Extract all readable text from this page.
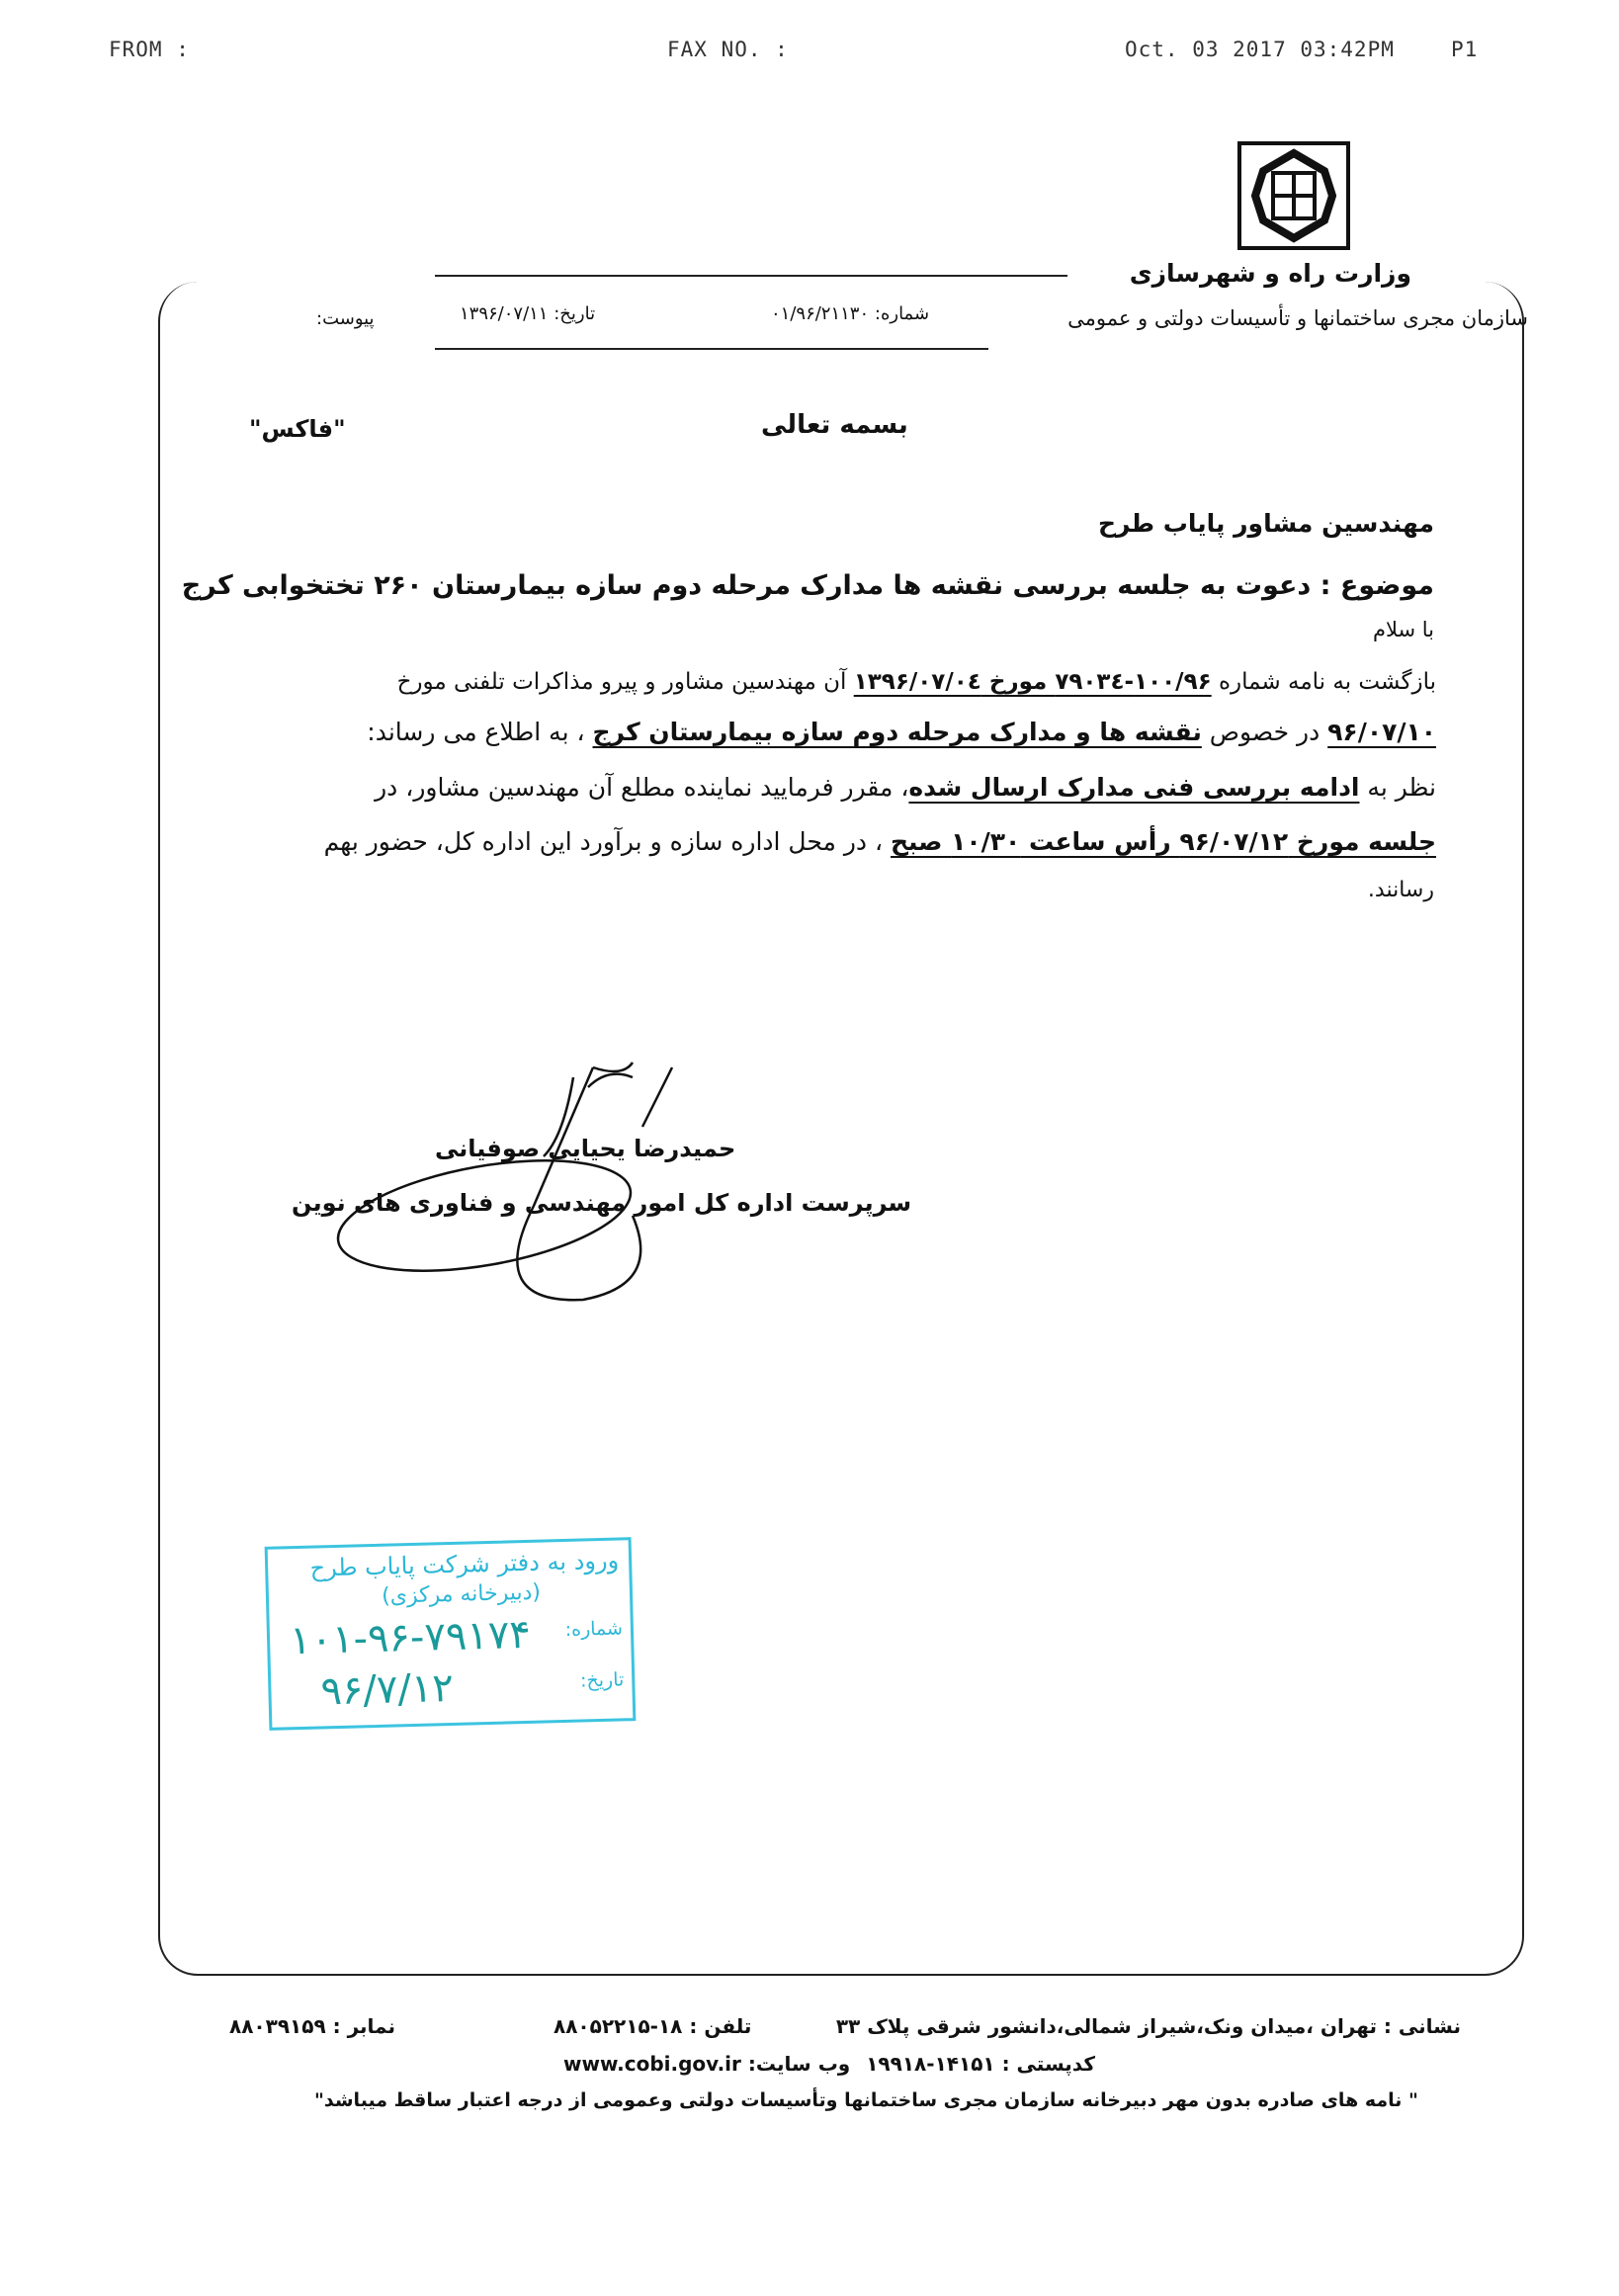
FROM :	FAX NO. :	Oct. 03 2017 03:42PM	P1
وزارت راه و شهرسازی
سازمان مجری ساختمانها و تأسیسات دولتی و عمومی
شماره: ۰۱/۹۶/۲۱۱۳۰
تاریخ: ۱۳۹۶/۰۷/۱۱
پیوست:
بسمه تعالی
"فاکس"
مهندسین مشاور پایاب طرح
موضوع : دعوت به جلسه بررسی نقشه ها مدارک مرحله دوم سازه بیمارستان ۲۶۰ تختخوابی کرج
با سلام
بازگشت به نامه شماره ۱۰۰/۹۶-۷۹۰۳٤ مورخ ۱۳۹۶/۰۷/۰٤ آن مهندسین مشاور و پیرو مذاکرات تلفنی مورخ
۹۶/۰۷/۱۰ در خصوص نقشه ها و مدارک مرحله دوم سازه بیمارستان کرج ، به اطلاع می رساند:
نظر به ادامه بررسی فنی مدارک ارسال شده، مقرر فرمایید نماینده مطلع آن مهندسین مشاور، در
جلسه مورخ ۹۶/۰۷/۱۲ رأس ساعت ۱۰/۳۰ صبح ، در محل اداره سازه و برآورد این اداره کل، حضور بهم
رسانند.
حمیدرضا یحیایی صوفیانی
سرپرست اداره کل امور مهندسی و فناوری های نوین
ورود به دفتر شرکت پایاب طرح
(دبیرخانه مرکزی)
شماره:
۱۰۱-۹۶-۷۹۱۷۴
تاریخ:
۹۶/۷/۱۲
نشانی : تهران ،میدان ونک،شیراز شمالی،دانشور شرقی پلاک ۳۳
تلفن : ۱۸-۸۸۰۵۲۲۱۵
نمابر : ۸۸۰۳۹۱۵۹
کدپستی : ۱۴۱۵۱-۱۹۹۱۸
وب سایت: www.cobi.gov.ir
" نامه های صادره بدون مهر دبیرخانه سازمان مجری ساختمانها وتأسیسات دولتی وعمومی از درجه اعتبار ساقط میباشد"
